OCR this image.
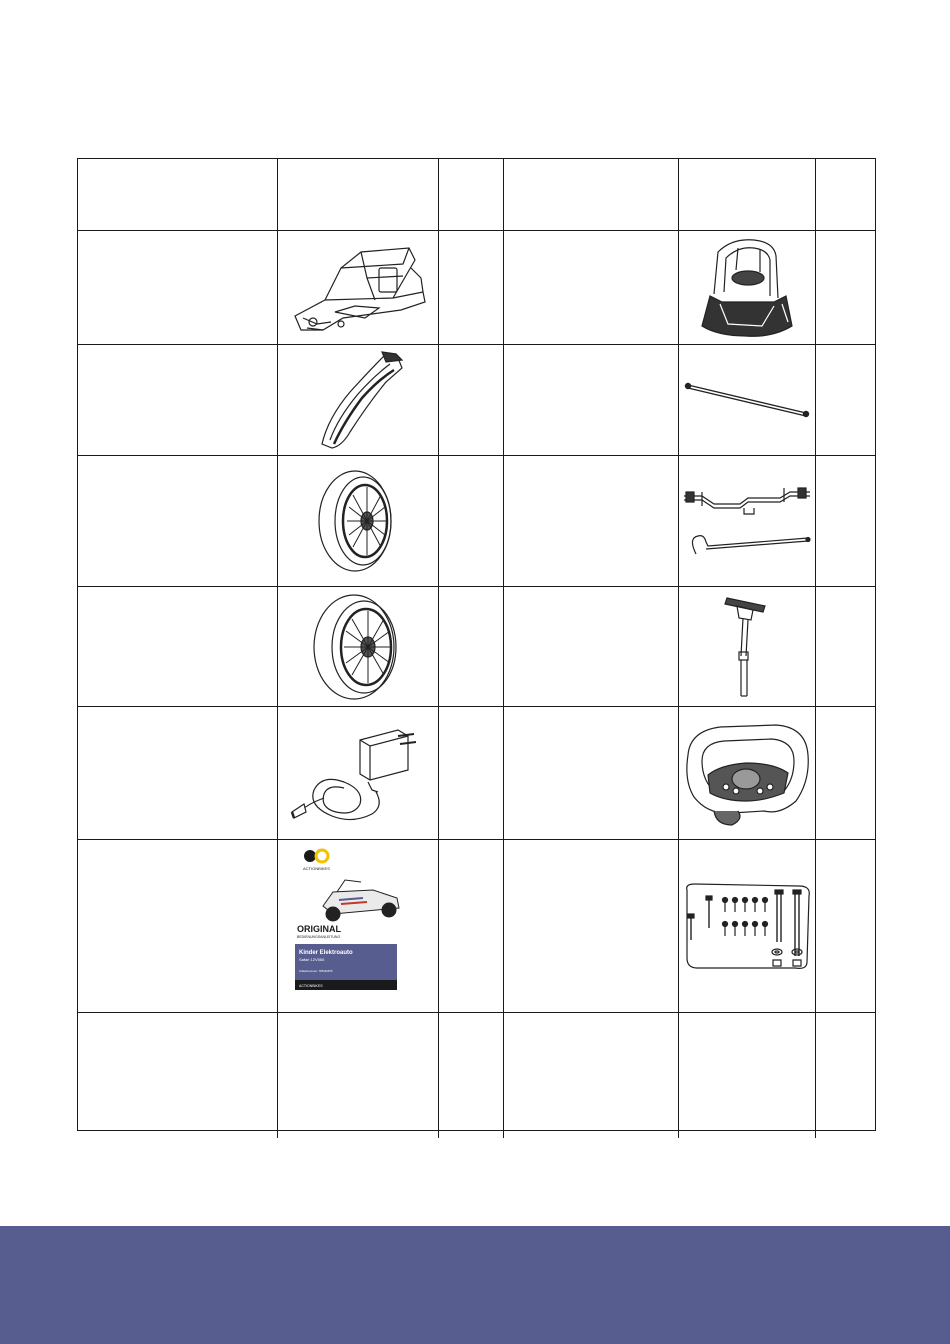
ACTIONBIKES
ORIGINAL
BEDIENUNGSANLEITUNG
Kinder Elektroauto
Safari 12V565
Artikelnummer: 785430876
ACTIONBIKES
